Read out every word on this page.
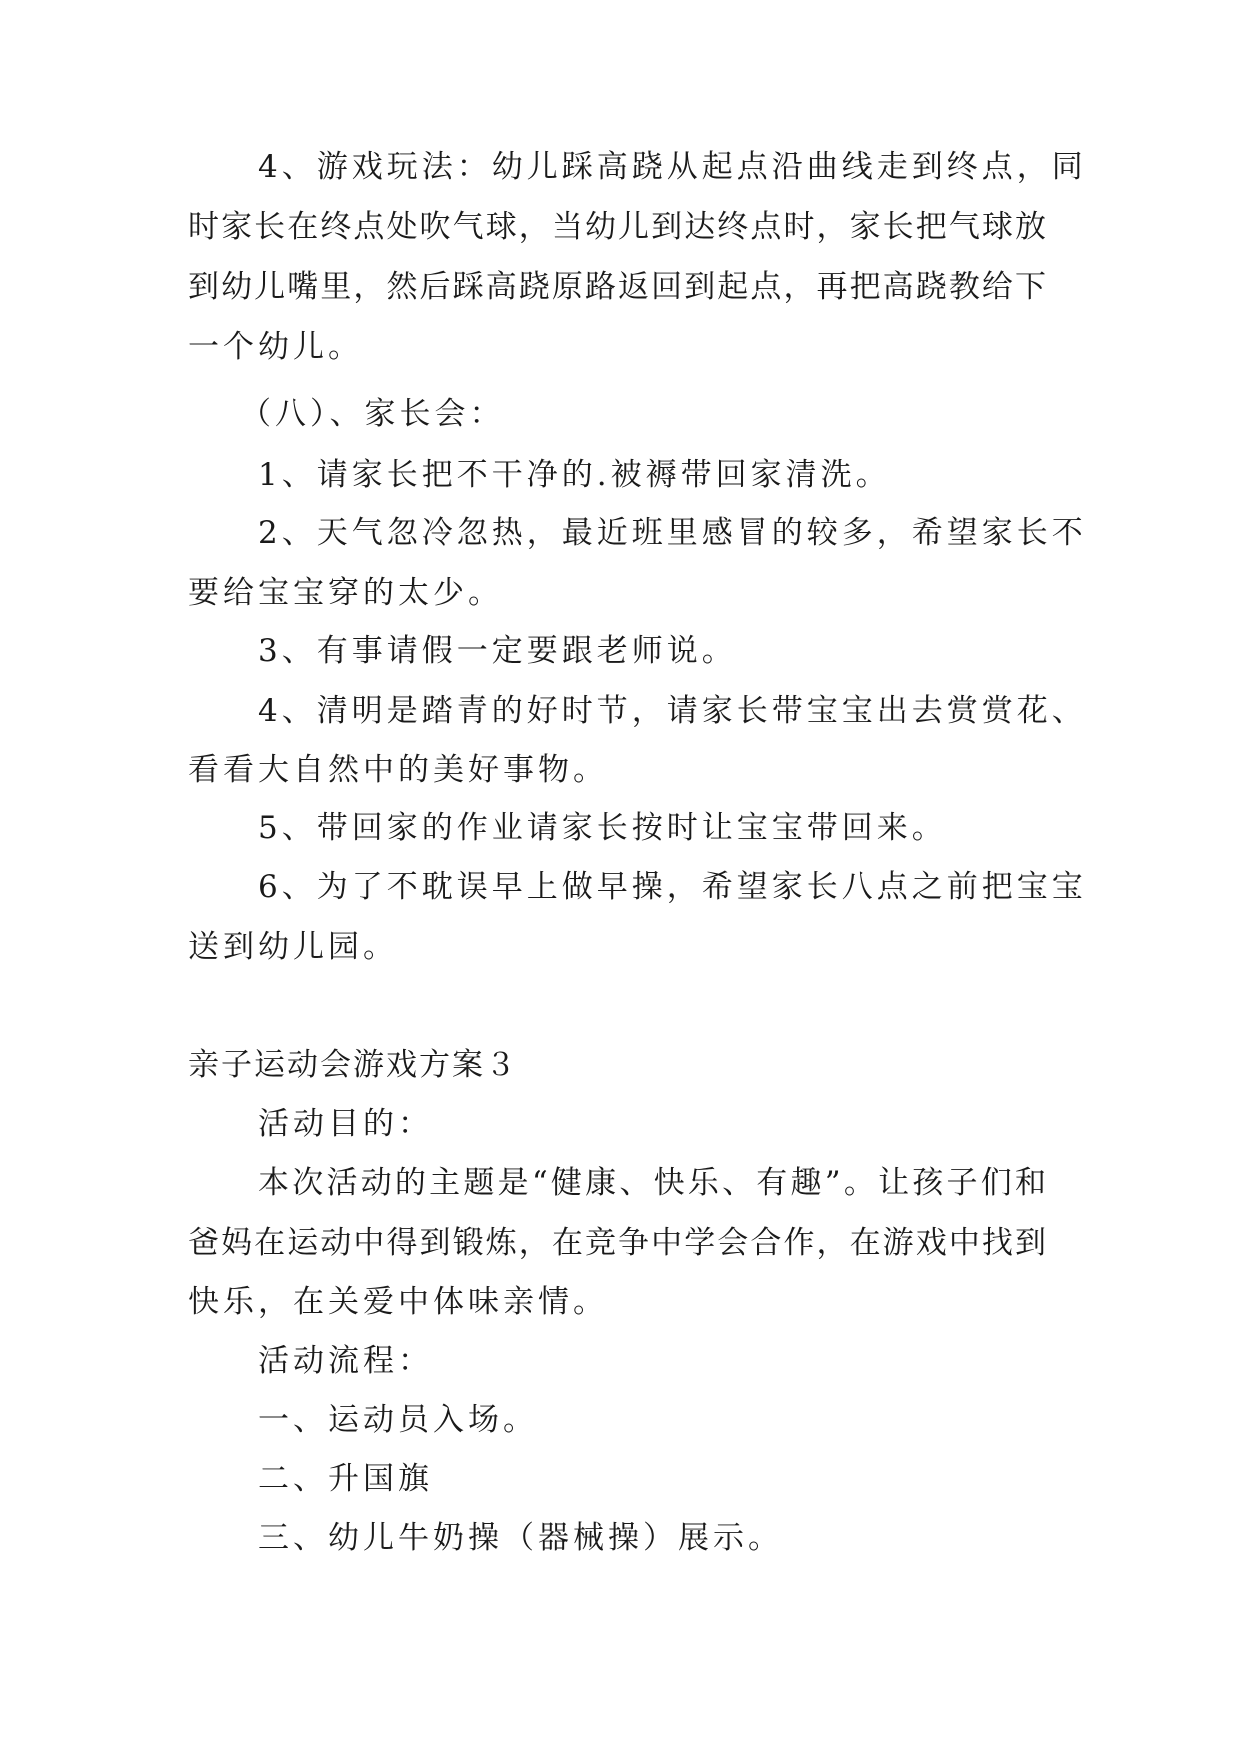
4、游戏玩法：幼儿踩高跷从起点沿曲线走到终点，同
时家长在终点处吹气球，当幼儿到达终点时，家长把气球放
到幼儿嘴里，然后踩高跷原路返回到起点，再把高跷教给下
一个幼儿。
（八）、家长会：
1、请家长把不干净的.被褥带回家清洗。
2、天气忽冷忽热，最近班里感冒的较多，希望家长不
要给宝宝穿的太少。
3、有事请假一定要跟老师说。
4、清明是踏青的好时节，请家长带宝宝出去赏赏花、
看看大自然中的美好事物。
5、带回家的作业请家长按时让宝宝带回来。
6、为了不耽误早上做早操，希望家长八点之前把宝宝
送到幼儿园。
亲子运动会游戏方案３
活动目的：
本次活动的主题是“健康、快乐、有趣”。让孩子们和
爸妈在运动中得到锻炼，在竞争中学会合作，在游戏中找到
快乐，在关爱中体味亲情。
活动流程：
一、运动员入场。
二、升国旗
三、幼儿牛奶操（器械操）展示。
